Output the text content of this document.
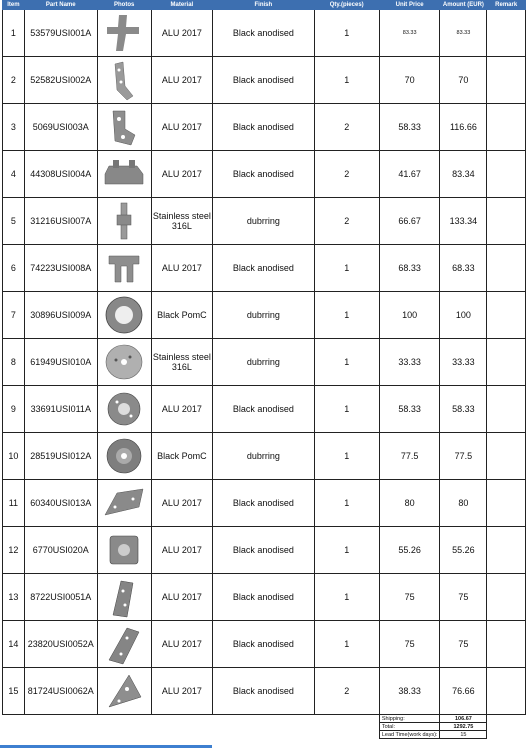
Item	Part Name	Photos	Material	Finish	Qty.(pieces)	Unit Price	Amount (EUR)	Remark
1	53579USI001A		ALU 2017	Black anodised	1	83.33	83.33	
2	52582USI002A		ALU 2017	Black anodised	1	70	70	
3	5069USI003A		ALU 2017	Black anodised	2	58.33	116.66	
4	44308USI004A		ALU 2017	Black anodised	2	41.67	83.34	
5	31216USI007A		Stainless steel 316L	dubrring	2	66.67	133.34	
6	74223USI008A		ALU 2017	Black anodised	1	68.33	68.33	
7	30896USI009A		Black PomC	dubrring	1	100	100	
8	61949USI010A		Stainless steel 316L	dubrring	1	33.33	33.33	
9	33691USI011A		ALU 2017	Black anodised	1	58.33	58.33	
10	28519USI012A		Black PomC	dubrring	1	77.5	77.5	
11	60340USI013A		ALU 2017	Black anodised	1	80	80	
12	6770USI020A		ALU 2017	Black anodised	1	55.26	55.26	
13	8722USI0051A		ALU 2017	Black anodised	1	75	75	
14	23820USI0052A		ALU 2017	Black anodised	1	75	75	
15	81724USI0062A		ALU 2017	Black anodised	2	38.33	76.66	
						Shipping:	106.67	
						Total:	1292.75	
						Lead Time(work days):	15	
